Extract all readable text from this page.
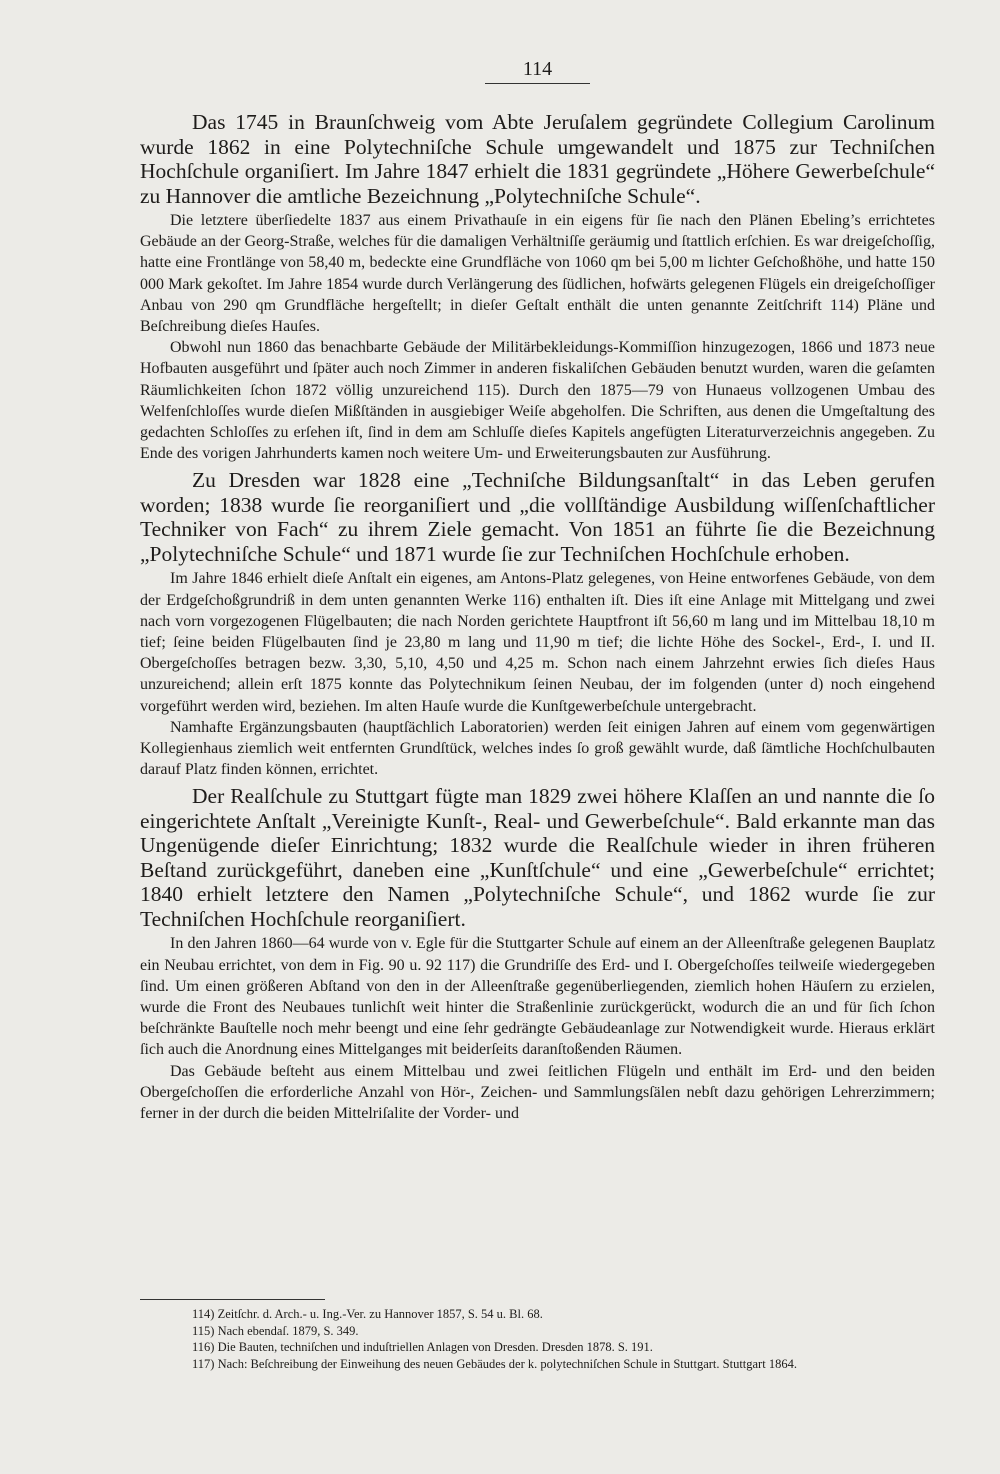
114

Das 1745 in Braunſchweig vom Abte Jeruſalem gegründete Collegium Carolinum wurde 1862 in eine Polytechniſche Schule umgewandelt und 1875 zur Techniſchen Hochſchule organiſiert. Im Jahre 1847 erhielt die 1831 gegründete „Höhere Gewerbeſchule“ zu Hannover die amtliche Bezeichnung „Polytechniſche Schule“.

Die letztere überſiedelte 1837 aus einem Privathauſe in ein eigens für ſie nach den Plänen Ebeling’s errichtetes Gebäude an der Georg-Straße, welches für die damaligen Verhältniſſe geräumig und ſtattlich erſchien. Es war dreigeſchoſſig, hatte eine Frontlänge von 58,40 m, bedeckte eine Grundfläche von 1060 qm bei 5,00 m lichter Geſchoßhöhe, und hatte 150 000 Mark gekoſtet. Im Jahre 1854 wurde durch Verlängerung des ſüdlichen, hofwärts gelegenen Flügels ein dreigeſchoſſiger Anbau von 290 qm Grundfläche hergeſtellt; in dieſer Geſtalt enthält die unten genannte Zeitſchrift 114) Pläne und Beſchreibung dieſes Hauſes.

Obwohl nun 1860 das benachbarte Gebäude der Militärbekleidungs-Kommiſſion hinzugezogen, 1866 und 1873 neue Hofbauten ausgeführt und ſpäter auch noch Zimmer in anderen fiskaliſchen Gebäuden benutzt wurden, waren die geſamten Räumlichkeiten ſchon 1872 völlig unzureichend 115). Durch den 1875—79 von Hunaeus vollzogenen Umbau des Welfenſchloſſes wurde dieſen Mißſtänden in ausgiebiger Weiſe abgeholfen. Die Schriften, aus denen die Umgeſtaltung des gedachten Schloſſes zu erſehen iſt, ſind in dem am Schluſſe dieſes Kapitels angefügten Literaturverzeichnis angegeben. Zu Ende des vorigen Jahrhunderts kamen noch weitere Um- und Erweiterungsbauten zur Ausführung.

Zu Dresden war 1828 eine „Techniſche Bildungsanſtalt“ in das Leben gerufen worden; 1838 wurde ſie reorganiſiert und „die vollſtändige Ausbildung wiſſenſchaftlicher Techniker von Fach“ zu ihrem Ziele gemacht. Von 1851 an führte ſie die Bezeichnung „Polytechniſche Schule“ und 1871 wurde ſie zur Techniſchen Hochſchule erhoben.

Im Jahre 1846 erhielt dieſe Anſtalt ein eigenes, am Antons-Platz gelegenes, von Heine entworfenes Gebäude, von dem der Erdgeſchoßgrundriß in dem unten genannten Werke 116) enthalten iſt. Dies iſt eine Anlage mit Mittelgang und zwei nach vorn vorgezogenen Flügelbauten; die nach Norden gerichtete Hauptfront iſt 56,60 m lang und im Mittelbau 18,10 m tief; ſeine beiden Flügelbauten ſind je 23,80 m lang und 11,90 m tief; die lichte Höhe des Sockel-, Erd-, I. und II. Obergeſchoſſes betragen bezw. 3,30, 5,10, 4,50 und 4,25 m. Schon nach einem Jahrzehnt erwies ſich dieſes Haus unzureichend; allein erſt 1875 konnte das Polytechnikum ſeinen Neubau, der im folgenden (unter d) noch eingehend vorgeführt werden wird, beziehen. Im alten Hauſe wurde die Kunſtgewerbeſchule untergebracht.

Namhafte Ergänzungsbauten (hauptſächlich Laboratorien) werden ſeit einigen Jahren auf einem vom gegenwärtigen Kollegienhaus ziemlich weit entfernten Grundſtück, welches indes ſo groß gewählt wurde, daß ſämtliche Hochſchulbauten darauf Platz finden können, errichtet.

Der Realſchule zu Stuttgart fügte man 1829 zwei höhere Klaſſen an und nannte die ſo eingerichtete Anſtalt „Vereinigte Kunſt-, Real- und Gewerbeſchule“. Bald erkannte man das Ungenügende dieſer Einrichtung; 1832 wurde die Realſchule wieder in ihren früheren Beſtand zurückgeführt, daneben eine „Kunſtſchule“ und eine „Gewerbeſchule“ errichtet; 1840 erhielt letztere den Namen „Polytechniſche Schule“, und 1862 wurde ſie zur Techniſchen Hochſchule reorganiſiert.

In den Jahren 1860—64 wurde von v. Egle für die Stuttgarter Schule auf einem an der Alleenſtraße gelegenen Bauplatz ein Neubau errichtet, von dem in Fig. 90 u. 92 117) die Grundriſſe des Erd- und I. Obergeſchoſſes teilweiſe wiedergegeben ſind. Um einen größeren Abſtand von den in der Alleenſtraße gegenüberliegenden, ziemlich hohen Häuſern zu erzielen, wurde die Front des Neubaues tunlichſt weit hinter die Straßenlinie zurückgerückt, wodurch die an und für ſich ſchon beſchränkte Bauſtelle noch mehr beengt und eine ſehr gedrängte Gebäudeanlage zur Notwendigkeit wurde. Hieraus erklärt ſich auch die Anordnung eines Mittelganges mit beiderſeits daranſtoßenden Räumen.

Das Gebäude beſteht aus einem Mittelbau und zwei ſeitlichen Flügeln und enthält im Erd- und den beiden Obergeſchoſſen die erforderliche Anzahl von Hör-, Zeichen- und Sammlungsſälen nebſt dazu gehörigen Lehrerzimmern; ferner in der durch die beiden Mittelriſalite der Vorder- und

114) Zeitſchr. d. Arch.- u. Ing.-Ver. zu Hannover 1857, S. 54 u. Bl. 68.

115) Nach ebendaſ. 1879, S. 349.

116) Die Bauten, techniſchen und induſtriellen Anlagen von Dresden. Dresden 1878. S. 191.

117) Nach: Beſchreibung der Einweihung des neuen Gebäudes der k. polytechniſchen Schule in Stuttgart. Stuttgart 1864.
